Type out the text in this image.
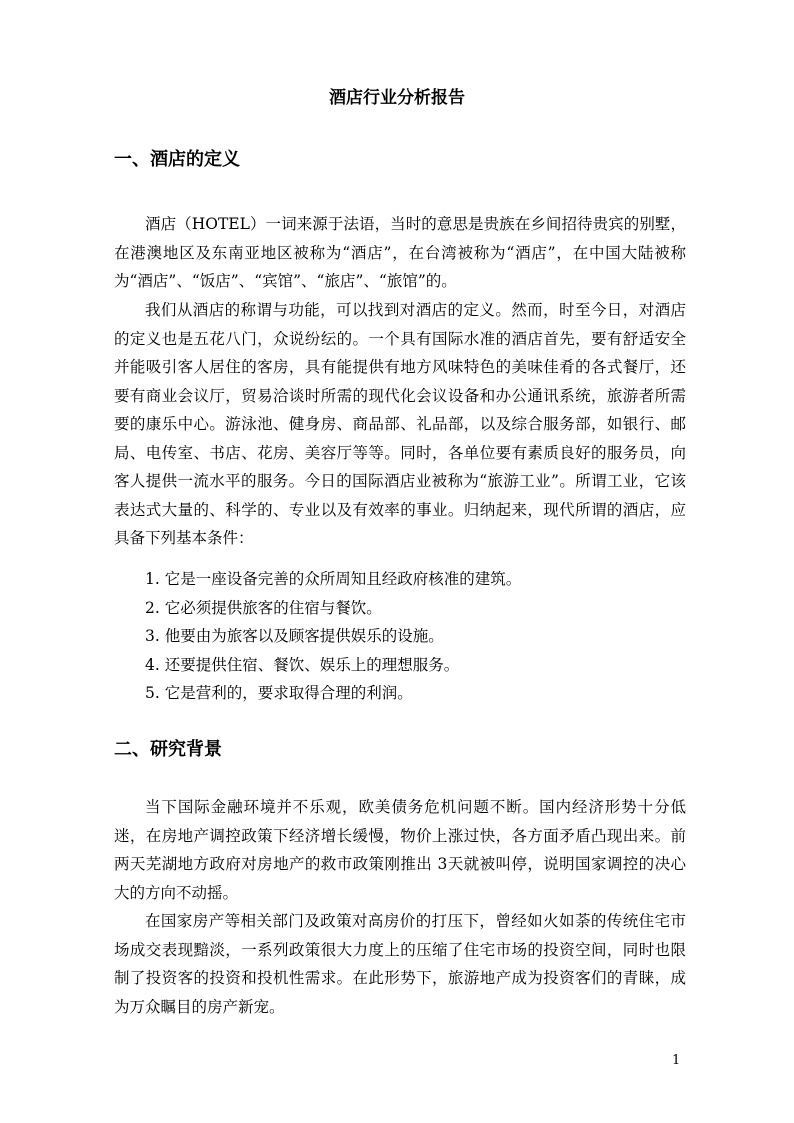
酒店行业分析报告
一、酒店的定义

酒店（HOTEL）一词来源于法语，当时的意思是贵族在乡间招待贵宾的别墅，在港澳地区及东南亚地区被称为“酒店”，在台湾被称为“酒店”，在中国大陆被称为“酒店”、“饭店”、“宾馆”、“旅店”、“旅馆”的。

我们从酒店的称谓与功能，可以找到对酒店的定义。然而，时至今日，对酒店的定义也是五花八门，众说纷纭的。一个具有国际水准的酒店首先，要有舒适安全并能吸引客人居住的客房，具有能提供有地方风味特色的美味佳肴的各式餐厅，还要有商业会议厅，贸易洽谈时所需的现代化会议设备和办公通讯系统，旅游者所需要的康乐中心。游泳池、健身房、商品部、礼品部，以及综合服务部，如银行、邮局、电传室、书店、花房、美容厅等等。同时，各单位要有素质良好的服务员，向客人提供一流水平的服务。今日的国际酒店业被称为“旅游工业”。所谓工业，它该表达式大量的、科学的、专业以及有效率的事业。归纳起来，现代所谓的酒店，应具备下列基本条件：

1. 它是一座设备完善的众所周知且经政府核准的建筑。
2. 它必须提供旅客的住宿与餐饮。
3. 他要由为旅客以及顾客提供娱乐的设施。
4. 还要提供住宿、餐饮、娱乐上的理想服务。
5. 它是营利的，要求取得合理的利润。
二、研究背景

当下国际金融环境并不乐观，欧美债务危机问题不断。国内经济形势十分低迷，在房地产调控政策下经济增长缓慢，物价上涨过快，各方面矛盾凸现出来。前两天芜湖地方政府对房地产的救市政策刚推出 3天就被叫停，说明国家调控的决心大的方向不动摇。

在国家房产等相关部门及政策对高房价的打压下，曾经如火如荼的传统住宅市场成交表现黯淡，一系列政策很大力度上的压缩了住宅市场的投资空间，同时也限制了投资客的投资和投机性需求。在此形势下，旅游地产成为投资客们的青睐，成为万众瞩目的房产新宠。

1
